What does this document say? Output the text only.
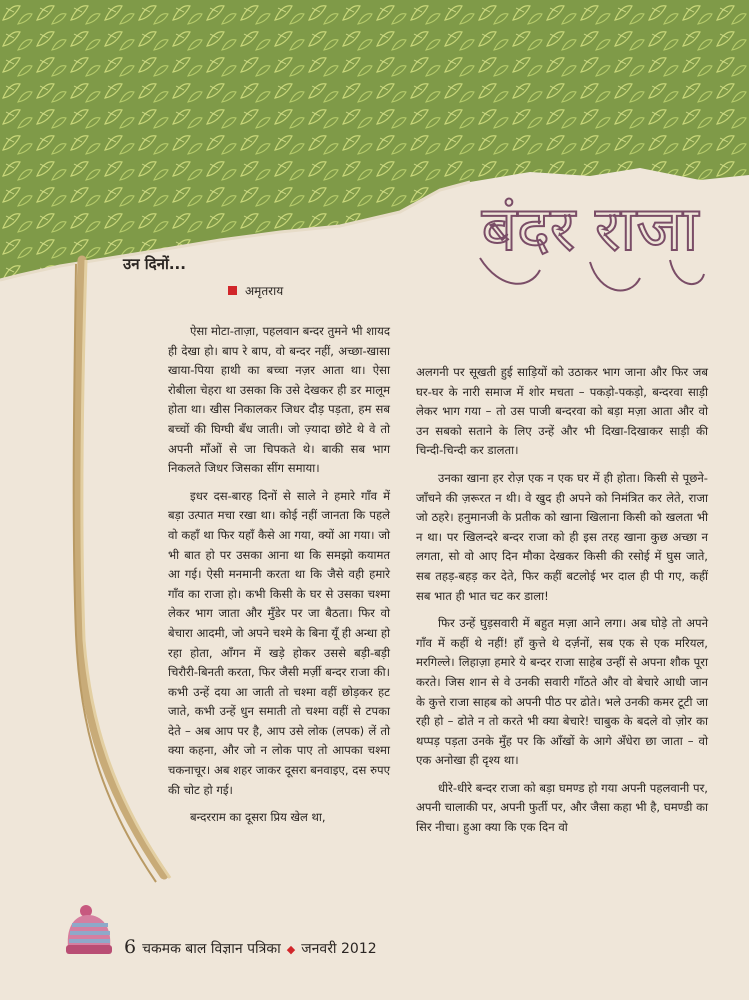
बंदर राजा
उन दिनों...
अमृतराय

ऐसा मोटा-ताज़ा, पहलवान बन्दर तुमने भी शायद ही देखा हो। बाप रे बाप, वो बन्दर नहीं, अच्छा-खासा खाया-पिया हाथी का बच्चा नज़र आता था। ऐसा रोबीला चेहरा था उसका कि उसे देखकर ही डर मालूम होता था। खीस निकालकर जिधर दौड़ पड़ता, हम सब बच्चों की घिग्घी बँध जाती। जो ज़्यादा छोटे थे वे तो अपनी माँओं से जा चिपकते थे। बाकी सब भाग निकलते जिधर जिसका सींग समाया।

इधर दस-बारह दिनों से साले ने हमारे गाँव में बड़ा उत्पात मचा रखा था। कोई नहीं जानता कि पहले वो कहाँ था फिर यहाँ कैसे आ गया, क्यों आ गया। जो भी बात हो पर उसका आना था कि समझो कयामत आ गई। ऐसी मनमानी करता था कि जैसे वही हमारे गाँव का राजा हो। कभी किसी के घर से उसका चश्मा लेकर भाग जाता और मुँडेर पर जा बैठता। फिर वो बेचारा आदमी, जो अपने चश्मे के बिना यूँ ही अन्धा हो रहा होता, आँगन में खड़े होकर उससे बड़ी-बड़ी चिरौरी-बिनती करता, फिर जैसी मर्ज़ी बन्दर राजा की। कभी उन्हें दया आ जाती तो चश्मा वहीं छोड़कर हट जाते, कभी उन्हें धुन समाती तो चश्मा वहीं से टपका देते – अब आप पर है, आप उसे लोक (लपक) लें तो क्या कहना, और जो न लोक पाए तो आपका चश्मा चकनाचूर। अब शहर जाकर दूसरा बनवाइए, दस रुपए की चोट हो गई।

बन्दरराम का दूसरा प्रिय खेल था,

अलगनी पर सूखती हुई साड़ियों को उठाकर भाग जाना और फिर जब घर-घर के नारी समाज में शोर मचता – पकड़ो-पकड़ो, बन्दरवा साड़ी लेकर भाग गया – तो उस पाजी बन्दरवा को बड़ा मज़ा आता और वो उन सबको सताने के लिए उन्हें और भी दिखा-दिखाकर साड़ी की चिन्दी-चिन्दी कर डालता।

उनका खाना हर रोज़ एक न एक घर में ही होता। किसी से पूछने-जाँचने की ज़रूरत न थी। वे खुद ही अपने को निमंत्रित कर लेते, राजा जो ठहरे। हनुमानजी के प्रतीक को खाना खिलाना किसी को खलता भी न था। पर खिलन्दरे बन्दर राजा को ही इस तरह खाना कुछ अच्छा न लगता, सो वो आए दिन मौका देखकर किसी की रसोई में घुस जाते, सब तहड़-बहड़ कर देते, फिर कहीं बटलोई भर दाल ही पी गए, कहीं सब भात ही भात चट कर डाला!

फिर उन्हें घुड़सवारी में बहुत मज़ा आने लगा। अब घोड़े तो अपने गाँव में कहीं थे नहीं! हाँ कुत्ते थे दर्ज़नों, सब एक से एक मरियल, मरगिल्ले। लिहाज़ा हमारे ये बन्दर राजा साहेब उन्हीं से अपना शौक पूरा करते। जिस शान से वे उनकी सवारी गाँठते और वो बेचारे आधी जान के कुत्ते राजा साहब को अपनी पीठ पर ढोते। भले उनकी कमर टूटी जा रही हो – ढोते न तो करते भी क्या बेचारे! चाबुक के बदले वो ज़ोर का थप्पड़ पड़ता उनके मुँह पर कि आँखों के आगे अँधेरा छा जाता – वो एक अनोखा ही दृश्य था।

धीरे-धीरे बन्दर राजा को बड़ा घमण्ड हो गया अपनी पहलवानी पर, अपनी चालाकी पर, अपनी फुर्ती पर, और जैसा कहा भी है, घमण्डी का सिर नीचा। हुआ क्या कि एक दिन वो

6 चकमक बाल विज्ञान पत्रिका ◆ जनवरी 2012
